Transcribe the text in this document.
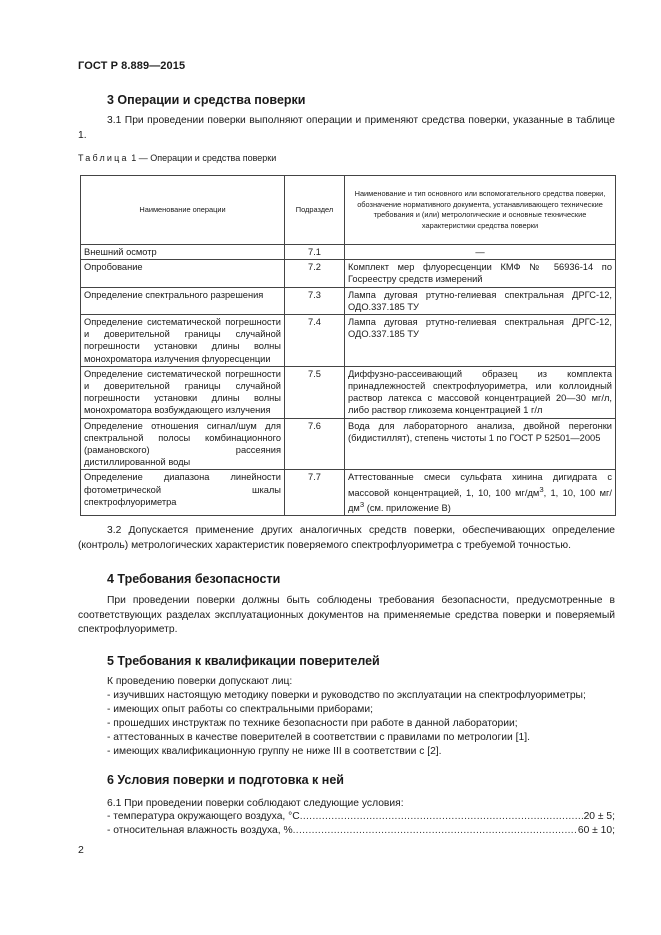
ГОСТ Р 8.889—2015
3 Операции и средства поверки
3.1 При проведении поверки выполняют операции и применяют средства поверки, указанные в таблице 1.
Таблица 1 — Операции и средства поверки
Наименование операции	Подраздел	Наименование и тип основного или вспомогательного средства поверки, обозначение нормативного документа, устанавливающего технические требования и (или) метрологические и основные технические характеристики средства поверки
Внешний осмотр	7.1	—
Опробование	7.2	Комплект мер флуоресценции КМФ № 56936-14 по Госреестру средств измерений
Определение спектрального разрешения	7.3	Лампа дуговая ртутно-гелиевая спектральная ДРГС-12, ОДО.337.185 ТУ
Определение систематической погрешности и доверительной границы случайной погрешности установки длины волны монохроматора излучения флуоресценции	7.4	Лампа дуговая ртутно-гелиевая спектральная ДРГС-12, ОДО.337.185 ТУ
Определение систематической погрешности и доверительной границы случайной погрешности установки длины волны монохроматора возбуждающего излучения	7.5	Диффузно-рассеивающий образец из комплекта принадлежностей спектрофлуориметра, или коллоидный раствор латекса с массовой концентрацией 20—30 мг/л, либо раствор гликозема концентрацией 1 г/л
Определение отношения сигнал/шум для спектральной полосы комбинационного (рамановского) рассеяния дистиллированной воды	7.6	Вода для лабораторного анализа, двойной перегонки (бидистиллят), степень чистоты 1 по ГОСТ Р 52501—2005
Определение диапазона линейности фотометрической шкалы спектрофлуориметра	7.7	Аттестованные смеси сульфата хинина дигидрата с массовой концентрацией, 1, 10, 100 $мг/дм^3$, 1, 10, 100 $мг/дм^3$ (см. приложение В)
3.2 Допускается применение других аналогичных средств поверки, обеспечивающих определение (контроль) метрологических характеристик поверяемого спектрофлуориметра с требуемой точностью.
4 Требования безопасности
При проведении поверки должны быть соблюдены требования безопасности, предусмотренные в соответствующих разделах эксплуатационных документов на применяемые средства поверки и поверяемый спектрофлуориметр.
5 Требования к квалификации поверителей
К проведению поверки допускают лиц:
- изучивших настоящую методику поверки и руководство по эксплуатации на спектрофлуориметры;
- имеющих опыт работы со спектральными приборами;
- прошедших инструктаж по технике безопасности при работе в данной лаборатории;
- аттестованных в качестве поверителей в соответствии с правилами по метрологии [1].
- имеющих квалификационную группу не ниже III в соответствии с [2].
6 Условия поверки и подготовка к ней
6.1 При проведении поверки соблюдают следующие условия:
- температура окружающего воздуха, °С .....	20 ± 5;
- относительная влажность воздуха, % .....	60 ± 10;
2
